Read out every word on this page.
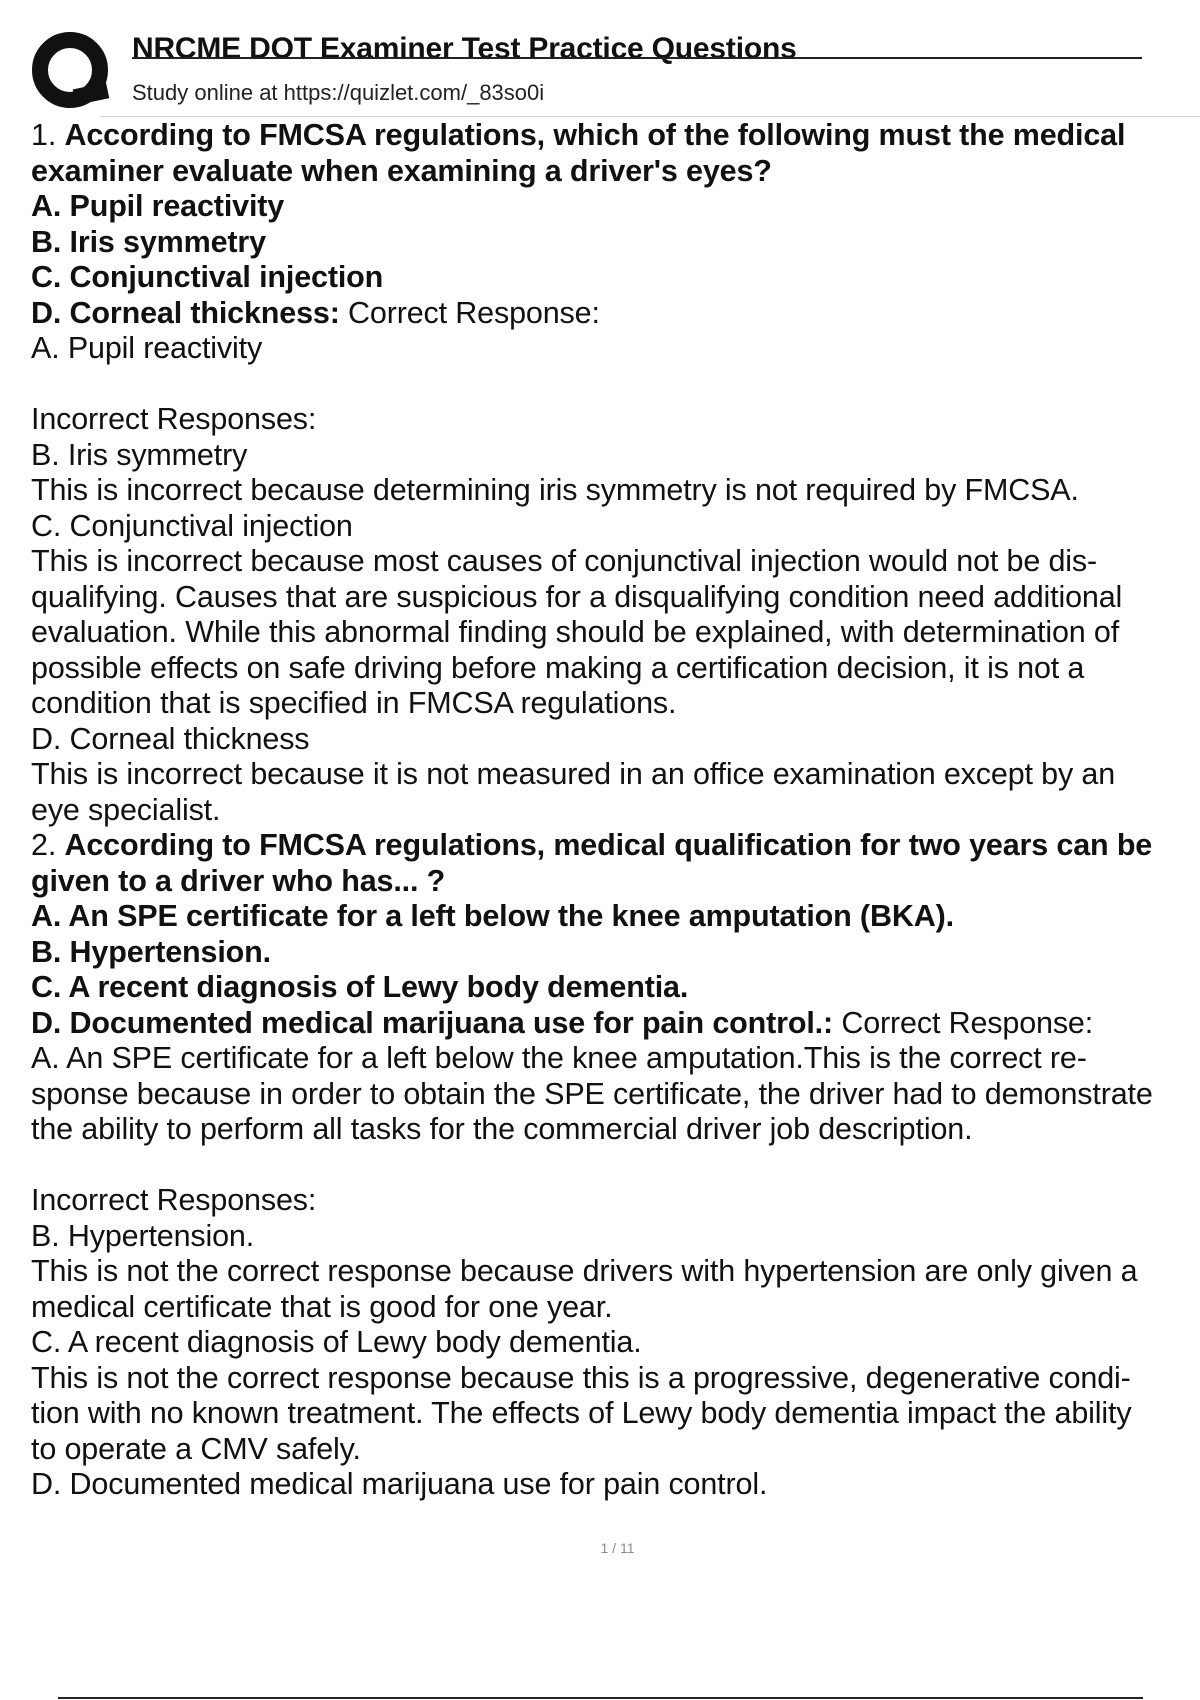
NRCME DOT Examiner Test Practice Questions
Study online at https://quizlet.com/_83so0i
1. According to FMCSA regulations, which of the following must the medical
examiner evaluate when examining a driver's eyes?
A. Pupil reactivity
B. Iris symmetry
C. Conjunctival injection
D. Corneal thickness: Correct Response:
A. Pupil reactivity
Incorrect Responses:
B. Iris symmetry
This is incorrect because determining iris symmetry is not required by FMCSA.
C. Conjunctival injection
This is incorrect because most causes of conjunctival injection would not be dis-
qualifying. Causes that are suspicious for a disqualifying condition need additional
evaluation. While this abnormal finding should be explained, with determination of
possible effects on safe driving before making a certification decision, it is not a
condition that is specified in FMCSA regulations.
D. Corneal thickness
This is incorrect because it is not measured in an office examination except by an
eye specialist.
2. According to FMCSA regulations, medical qualification for two years can be
given to a driver who has... ?
A. An SPE certificate for a left below the knee amputation (BKA).
B. Hypertension.
C. A recent diagnosis of Lewy body dementia.
D. Documented medical marijuana use for pain control.: Correct Response:
A. An SPE certificate for a left below the knee amputation.This is the correct re-
sponse because in order to obtain the SPE certificate, the driver had to demonstrate
the ability to perform all tasks for the commercial driver job description.
Incorrect Responses:
B. Hypertension.
This is not the correct response because drivers with hypertension are only given a
medical certificate that is good for one year.
C. A recent diagnosis of Lewy body dementia.
This is not the correct response because this is a progressive, degenerative condi-
tion with no known treatment. The effects of Lewy body dementia impact the ability
to operate a CMV safely.
D. Documented medical marijuana use for pain control.
1 / 11
